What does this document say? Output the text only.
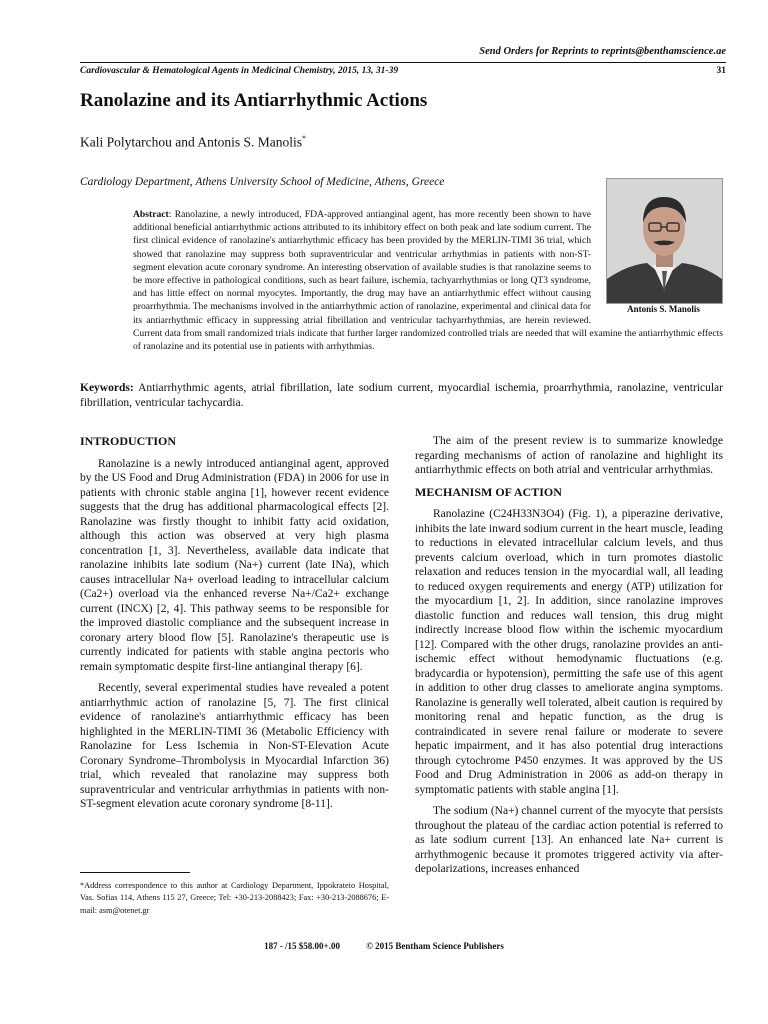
Send Orders for Reprints to reprints@benthamscience.ae
Cardiovascular & Hematological Agents in Medicinal Chemistry, 2015, 13, 31-39	31
Ranolazine and its Antiarrhythmic Actions
Kali Polytarchou and Antonis S. Manolis*
Cardiology Department, Athens University School of Medicine, Athens, Greece
Antonis S. Manolis
Abstract: Ranolazine, a newly introduced, FDA-approved antianginal agent, has more recently been shown to have additional beneficial antiarrhythmic actions attributed to its inhibitory effect on both peak and late sodium current. The first clinical evidence of ranolazine's antiarrhythmic efficacy has been provided by the MERLIN-TIMI 36 trial, which showed that ranolazine may suppress both supraventricular and ventricular arrhythmias in patients with non-ST-segment elevation acute coronary syndrome. An interesting observation of available studies is that ranolazine seems to be more effective in pathological conditions, such as heart failure, ischemia, tachyarrhythmias or long QT3 syndrome, and has little effect on normal myocytes. Importantly, the drug may have an antiarrhythmic effect without causing proarrhythmia. The mechanisms involved in the antiarrhythmic action of ranolazine, experimental and clinical data for its antiarrhythmic efficacy in suppressing atrial fibrillation and ventricular tachyarrhythmias, are herein reviewed. Current data from small randomized trials indicate that further larger randomized controlled trials are needed that will examine the antiarrhythmic effects of ranolazine and its potential use in patients with arrhythmias.
Keywords: Antiarrhythmic agents, atrial fibrillation, late sodium current, myocardial ischemia, proarrhythmia, ranolazine, ventricular fibrillation, ventricular tachycardia.
INTRODUCTION

Ranolazine is a newly introduced antianginal agent, approved by the US Food and Drug Administration (FDA) in 2006 for use in patients with chronic stable angina [1], however recent evidence suggests that the drug has additional pharmacological effects [2]. Ranolazine was firstly thought to inhibit fatty acid oxidation, although this action was observed at very high plasma concentration [1, 3]. Nevertheless, available data indicate that ranolazine inhibits late sodium (Na+) current (late INa), which causes intracellular Na+ overload leading to intracellular calcium (Ca2+) overload via the enhanced reverse Na+/Ca2+ exchange current (INCX) [2, 4]. This pathway seems to be responsible for the improved diastolic compliance and the subsequent increase in coronary artery blood flow [5]. Ranolazine's therapeutic use is currently indicated for patients with stable angina pectoris who remain symptomatic despite first-line antianginal therapy [6].

Recently, several experimental studies have revealed a potent antiarrhythmic action of ranolazine [5, 7]. The first clinical evidence of ranolazine's antiarrhythmic efficacy has been highlighted in the MERLIN-TIMI 36 (Metabolic Efficiency with Ranolazine for Less Ischemia in Non-ST-Elevation Acute Coronary Syndrome–Thrombolysis in Myocardial Infarction 36) trial, which revealed that ranolazine may suppress both supraventricular and ventricular arrhythmias in patients with non-ST-segment elevation acute coronary syndrome [8-11].

*Address correspondence to this author at Cardiology Department, Ippokrateio Hospital, Vas. Sofias 114, Athens 115 27, Greece; Tel: +30-213-2088423; Fax: +30-213-2088676; E-mail: asm@otenet.gr

The aim of the present review is to summarize knowledge regarding mechanisms of action of ranolazine and highlight its antiarrhythmic effects on both atrial and ventricular arrhythmias.

MECHANISM OF ACTION

Ranolazine (C24H33N3O4) (Fig. 1), a piperazine derivative, inhibits the late inward sodium current in the heart muscle, leading to reductions in elevated intracellular calcium levels, and thus prevents calcium overload, which in turn promotes diastolic relaxation and reduces tension in the myocardial wall, all leading to reduced oxygen requirements and energy (ATP) utilization for the myocardium [1, 2]. In addition, since ranolazine improves diastolic function and reduces wall tension, this drug might indirectly increase blood flow within the ischemic myocardium [12]. Compared with the other drugs, ranolazine provides an anti-ischemic effect without hemodynamic fluctuations (e.g. bradycardia or hypotension), permitting the safe use of this agent in addition to other drug classes to ameliorate angina symptoms. Ranolazine is generally well tolerated, albeit caution is required by monitoring renal and hepatic function, as the drug is contraindicated in severe renal failure or moderate to severe hepatic impairment, and it has also potential drug interactions through cytochrome P450 enzymes. It was approved by the US Food and Drug Administration in 2006 as add-on therapy in symptomatic patients with stable angina [1].

The sodium (Na+) channel current of the myocyte that persists throughout the plateau of the cardiac action potential is referred to as late sodium current [13]. An enhanced late Na+ current is arrhythmogenic because it promotes triggered activity via after-depolarizations, increases enhanced

187 - /15 $58.00+.00	© 2015 Bentham Science Publishers
